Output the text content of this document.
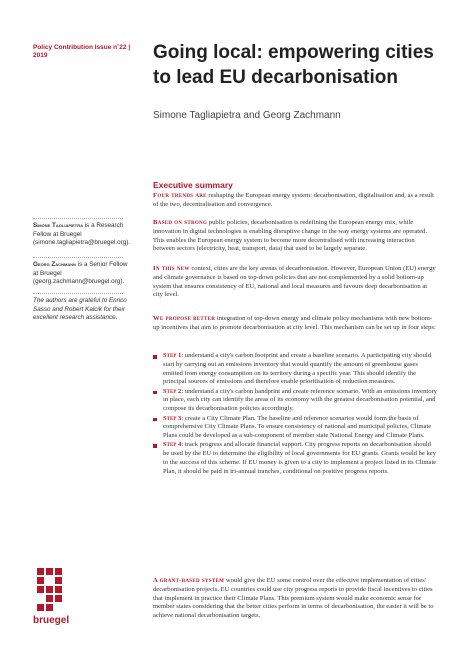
Policy Contribution Issue n˚22 | 2019	Going local: empowering cities to lead EU decarbonisation
Simone Tagliapietra and Georg Zachmann
Executive summary
Simone Tagliapietra is a Research Fellow at Bruegel (simone.tagliapietra@bruegel.org).
Georg Zachmann is a Senior Fellow at Bruegel (georg.zachmann@bruegel.org).
The authors are grateful to Enrico Sasso and Robert Kalcik for their excellent research assistance.
Four trends are reshaping the European energy system: decarbonisation, digitalisation and, as a result of the two, decentralisation and convergence.
Based on strong public policies, decarbonisation is redefining the European energy mix, while innovation in digital technologies is enabling disruptive change in the way energy systems are operated. This enables the European energy system to become more decentralised with increasing interaction between sectors (electricity, heat, transport, data) that used to be largely separate.
In this new context, cities are the key arenas of decarbonisation. However, European Union (EU) energy and climate governance is based on top-down policies that are not complemented by a solid bottom-up system that ensures consistency of EU, national and local measures and favours deep decarbonisation at city level.
We propose better integration of top-down energy and climate policy mechanisms with new bottom-up incentives that aim to promote decarbonisation at city level. This mechanism can be set up in four steps:
Step 1: understand a city's carbon footprint and create a baseline scenario. A participating city should start by carrying out an emissions inventory that would quantify the amount of greenhouse gases emitted from energy consumption on its territory during a specific year. This should identify the principal sources of emissions and therefore enable prioritisation of reduction measures.
Step 2: understand a city's carbon handprint and create reference scenario. With an emissions inventory in place, each city can identify the areas of its economy with the greatest decarbonisation potential, and compose its decarbonisation policies accordingly.
Step 3: create a City Climate Plan. The baseline and reference scenarios would form the basis of comprehensive City Climate Plans. To ensure consistency of national and municipal policies, Climate Plans could be developed as a sub-component of member state National Energy and Climate Plans.
Step 4: track progress and allocate financial support. City progress reports on decarbonisation should be used by the EU to determine the eligibility of local governments for EU grants. Grants would be key to the success of this scheme. If EU money is given to a city to implement a project listed in its Climate Plan, it should be paid in tri-annual tranches, conditional on positive progress reports.
A grant-based system would give the EU some control over the effective implementation of cities' decarbonisation projects. EU countries could use city progress reports to provide fiscal incentives to cities that implement in practice their Climate Plans. This premium system would make economic sense for member states considering that the better cities perform in terms of decarbonisation, the easier it will be to achieve national decarbonisation targets.
bruegel
